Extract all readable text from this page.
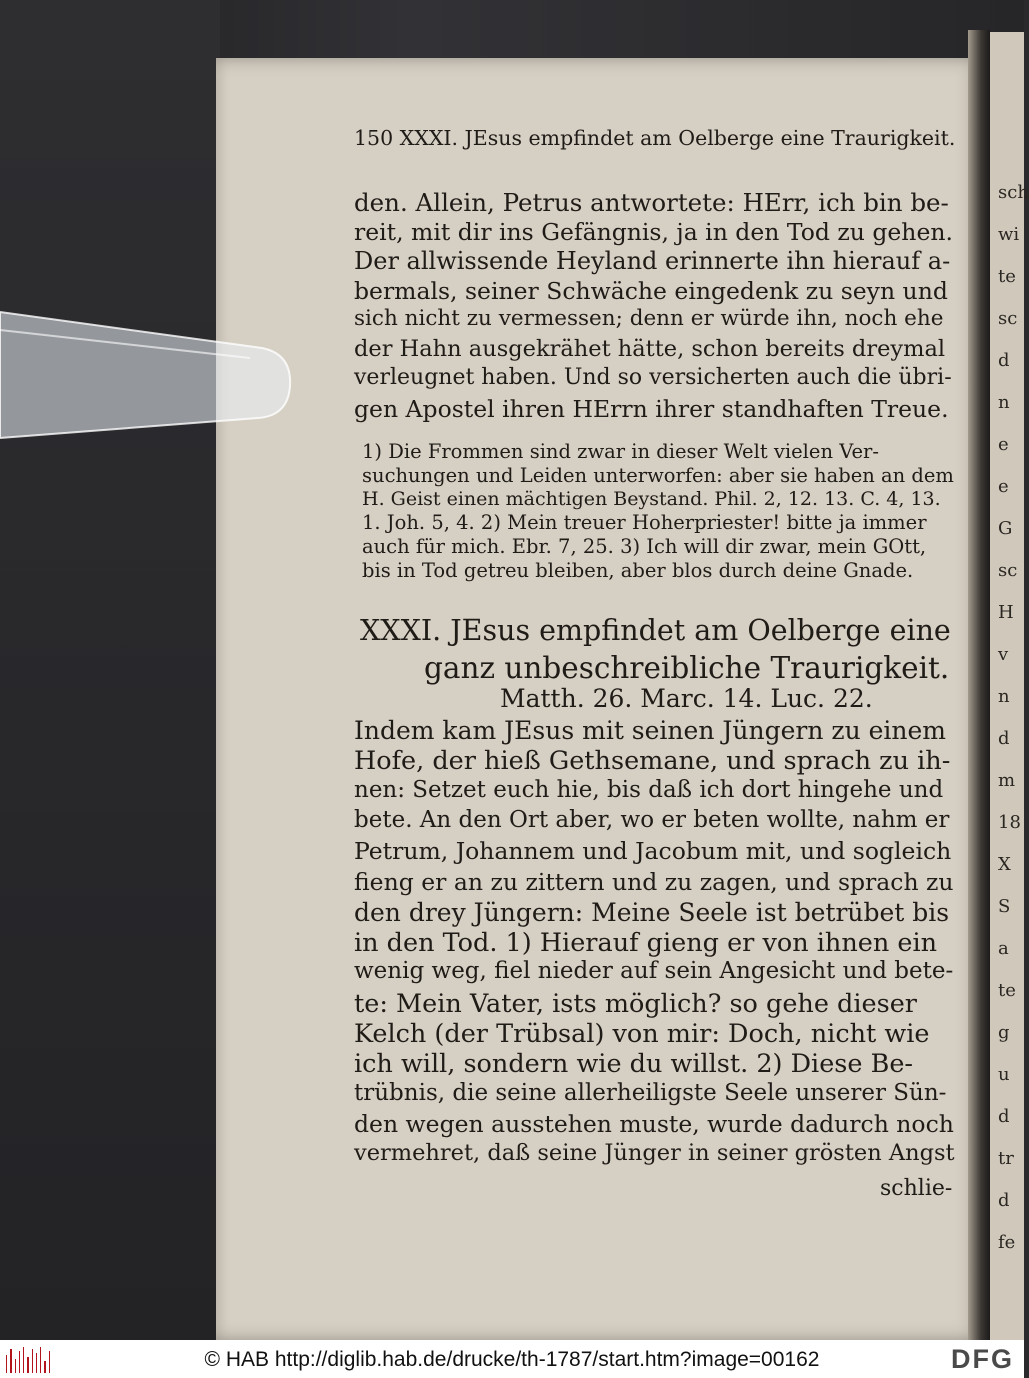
sch
wi
te
sc
d
n
e
e
G
sc
H
v
n
d
m
18
X
S
a
te
g
u
d
tr
d
fe
150 XXXI. JEsus empfindet am Oelberge eine Traurigkeit.
den. Allein, Petrus antwortete: HErr, ich bin be-
reit, mit dir ins Gefängnis, ja in den Tod zu gehen.
Der allwissende Heyland erinnerte ihn hierauf a-
bermals, seiner Schwäche eingedenk zu seyn und
sich nicht zu vermessen; denn er würde ihn, noch ehe
der Hahn ausgekrähet hätte, schon bereits dreymal
verleugnet haben. Und so versicherten auch die übri-
gen Apostel ihren HErrn ihrer standhaften Treue.
1) Die Frommen sind zwar in dieser Welt vielen Ver-
suchungen und Leiden unterworfen: aber sie haben an dem
H. Geist einen mächtigen Beystand. Phil. 2, 12. 13. C. 4, 13.
1. Joh. 5, 4. 2) Mein treuer Hoherpriester! bitte ja immer
auch für mich. Ebr. 7, 25. 3) Ich will dir zwar, mein GOtt,
bis in Tod getreu bleiben, aber blos durch deine Gnade.
XXXI. JEsus empfindet am Oelberge eine
ganz unbeschreibliche Traurigkeit.
Matth. 26. Marc. 14. Luc. 22.
Indem kam JEsus mit seinen Jüngern zu einem
Hofe, der hieß Gethsemane, und sprach zu ih-
nen: Setzet euch hie, bis daß ich dort hingehe und
bete. An den Ort aber, wo er beten wollte, nahm er
Petrum, Johannem und Jacobum mit, und sogleich
fieng er an zu zittern und zu zagen, und sprach zu
den drey Jüngern: Meine Seele ist betrübet bis
in den Tod. 1) Hierauf gieng er von ihnen ein
wenig weg, fiel nieder auf sein Angesicht und bete-
te: Mein Vater, ists möglich? so gehe dieser
Kelch (der Trübsal) von mir: Doch, nicht wie
ich will, sondern wie du willst. 2) Diese Be-
trübnis, die seine allerheiligste Seele unserer Sün-
den wegen ausstehen muste, wurde dadurch noch
vermehret, daß seine Jünger in seiner grösten Angst
schlie-
© HAB http://diglib.hab.de/drucke/th-1787/start.htm?image=00162	DFG
